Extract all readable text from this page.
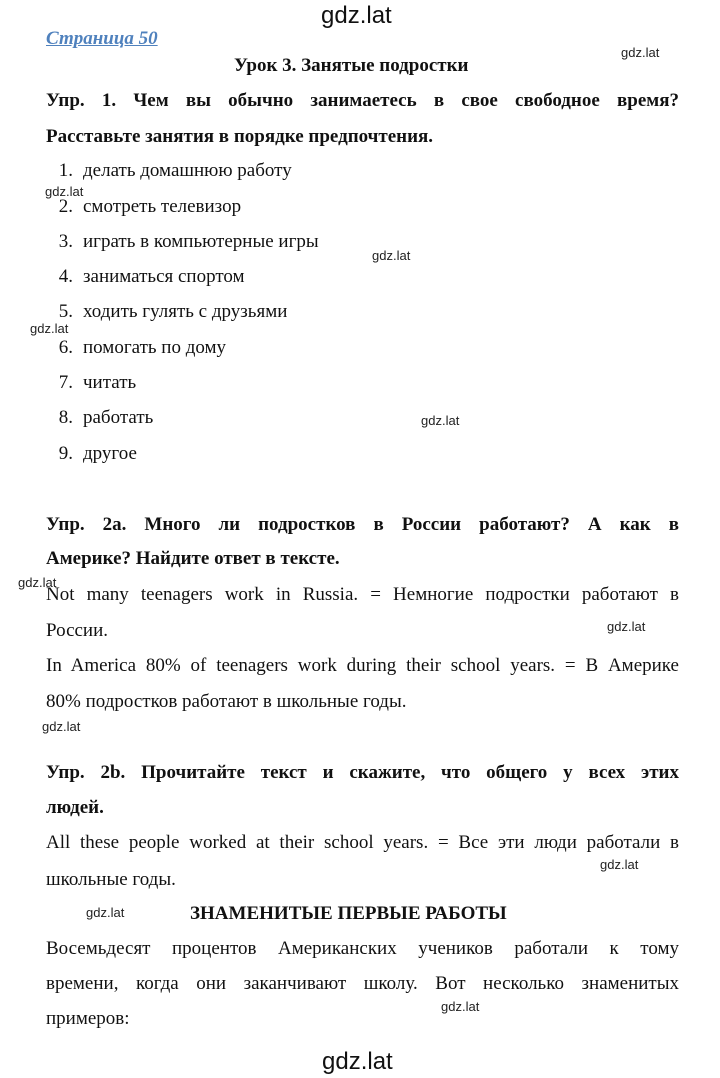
gdz.lat
gdz.lat
gdz.lat
gdz.lat
gdz.lat
gdz.lat
gdz.lat
gdz.lat
gdz.lat
gdz.lat
gdz.lat
gdz.lat
gdz.lat
Страница 50
Урок 3. Занятые подростки
Упр. 1. Чем вы обычно занимаетесь в свое свободное время?
Расставьте занятия в порядке предпочтения.
1. делать домашнюю работу
2. смотреть телевизор
3. играть в компьютерные игры
4. заниматься спортом
5. ходить гулять с друзьями
6. помогать по дому
7. читать
8. работать
9. другое
Упр. 2a. Много ли подростков в России работают? А как в
Америке? Найдите ответ в тексте.
Not many teenagers work in Russia. = Немногие подростки работают в
России.
In America 80% of teenagers work during their school years. = В Америке
80% подростков работают в школьные годы.
Упр. 2b. Прочитайте текст и скажите, что общего у всех этих
людей.
All these people worked at their school years. = Все эти люди работали в
школьные годы.
ЗНАМЕНИТЫЕ ПЕРВЫЕ РАБОТЫ
Восемьдесят процентов Американских учеников работали к тому
времени, когда они заканчивают школу. Вот несколько знаменитых
примеров:
